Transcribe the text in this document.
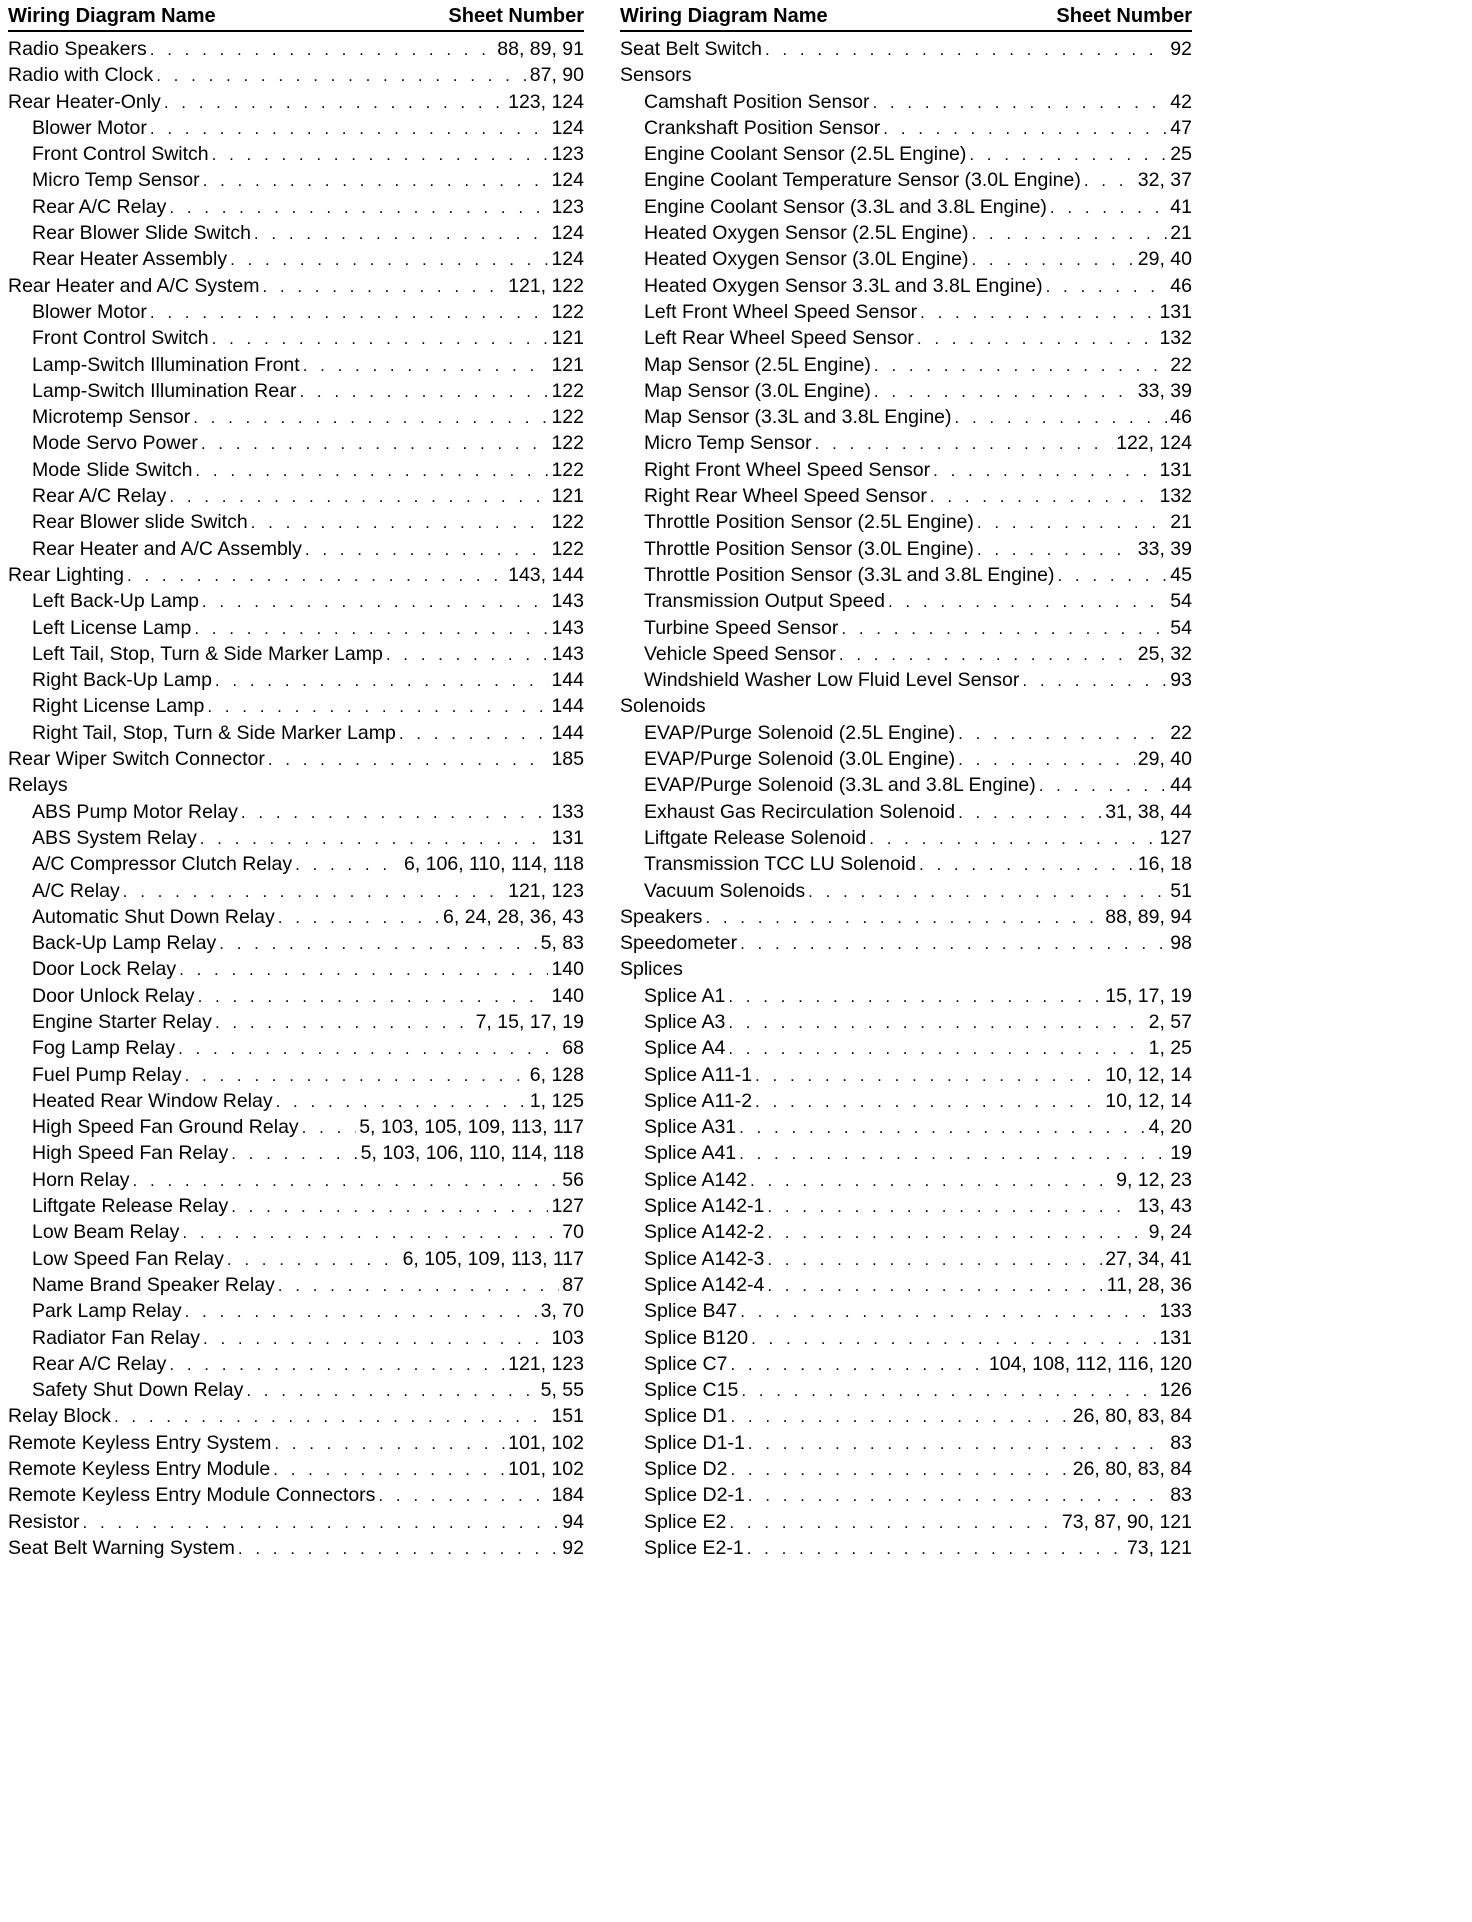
Wiring Diagram Name	Sheet Number
Radio Speakers . . .	88, 89, 91
Radio with Clock . . .	87, 90
Rear Heater-Only . . .	123, 124
Blower Motor . . .	124
Front Control Switch . . .	123
Micro Temp Sensor . . .	124
Rear A/C Relay . . .	123
Rear Blower Slide Switch . . .	124
Rear Heater Assembly . . .	124
Rear Heater and A/C System . . .	121, 122
Blower Motor . . .	122
Front Control Switch . . .	121
Lamp-Switch Illumination Front . . .	121
Lamp-Switch Illumination Rear . . .	122
Microtemp Sensor . . .	122
Mode Servo Power . . .	122
Mode Slide Switch . . .	122
Rear A/C Relay . . .	121
Rear Blower slide Switch . . .	122
Rear Heater and A/C Assembly . . .	122
Rear Lighting . . .	143, 144
Left Back-Up Lamp . . .	143
Left License Lamp . . .	143
Left Tail, Stop, Turn & Side Marker Lamp . . .	143
Right Back-Up Lamp . . .	144
Right License Lamp . . .	144
Right Tail, Stop, Turn & Side Marker Lamp . . .	144
Rear Wiper Switch Connector . . .	185
Relays
ABS Pump Motor Relay . . .	133
ABS System Relay . . .	131
A/C Compressor Clutch Relay . . .	6, 106, 110, 114, 118
A/C Relay . . .	121, 123
Automatic Shut Down Relay . . .	6, 24, 28, 36, 43
Back-Up Lamp Relay . . .	5, 83
Door Lock Relay . . .	140
Door Unlock Relay . . .	140
Engine Starter Relay . . .	7, 15, 17, 19
Fog Lamp Relay . . .	68
Fuel Pump Relay . . .	6, 128
Heated Rear Window Relay . . .	1, 125
High Speed Fan Ground Relay . . .	5, 103, 105, 109, 113, 117
High Speed Fan Relay . . .	5, 103, 106, 110, 114, 118
Horn Relay . . .	56
Liftgate Release Relay . . .	127
Low Beam Relay . . .	70
Low Speed Fan Relay . . .	6, 105, 109, 113, 117
Name Brand Speaker Relay . . .	87
Park Lamp Relay . . .	3, 70
Radiator Fan Relay . . .	103
Rear A/C Relay . . .	121, 123
Safety Shut Down Relay . . .	5, 55
Relay Block . . .	151
Remote Keyless Entry System . . .	101, 102
Remote Keyless Entry Module . . .	101, 102
Remote Keyless Entry Module Connectors . . .	184
Resistor . . .	94
Seat Belt Warning System . . .	92
Wiring Diagram Name	Sheet Number
Seat Belt Switch . . .	92
Sensors
Camshaft Position Sensor . . .	42
Crankshaft Position Sensor . . .	47
Engine Coolant Sensor (2.5L Engine) . . .	25
Engine Coolant Temperature Sensor (3.0L Engine) . . .	32, 37
Engine Coolant Sensor (3.3L and 3.8L Engine) . . .	41
Heated Oxygen Sensor (2.5L Engine) . . .	21
Heated Oxygen Sensor (3.0L Engine) . . .	29, 40
Heated Oxygen Sensor 3.3L and 3.8L Engine) . . .	46
Left Front Wheel Speed Sensor . . .	131
Left Rear Wheel Speed Sensor . . .	132
Map Sensor (2.5L Engine) . . .	22
Map Sensor (3.0L Engine) . . .	33, 39
Map Sensor (3.3L and 3.8L Engine) . . .	46
Micro Temp Sensor . . .	122, 124
Right Front Wheel Speed Sensor . . .	131
Right Rear Wheel Speed Sensor . . .	132
Throttle Position Sensor (2.5L Engine) . . .	21
Throttle Position Sensor (3.0L Engine) . . .	33, 39
Throttle Position Sensor (3.3L and 3.8L Engine) . . .	45
Transmission Output Speed . . .	54
Turbine Speed Sensor . . .	54
Vehicle Speed Sensor . . .	25, 32
Windshield Washer Low Fluid Level Sensor . . .	93
Solenoids
EVAP/Purge Solenoid (2.5L Engine) . . .	22
EVAP/Purge Solenoid (3.0L Engine) . . .	29, 40
EVAP/Purge Solenoid (3.3L and 3.8L Engine) . . .	44
Exhaust Gas Recirculation Solenoid . . .	31, 38, 44
Liftgate Release Solenoid . . .	127
Transmission TCC LU Solenoid . . .	16, 18
Vacuum Solenoids . . .	51
Speakers . . .	88, 89, 94
Speedometer . . .	98
Splices
Splice A1 . . .	15, 17, 19
Splice A3 . . .	2, 57
Splice A4 . . .	1, 25
Splice A11-1 . . .	10, 12, 14
Splice A11-2 . . .	10, 12, 14
Splice A31 . . .	4, 20
Splice A41 . . .	19
Splice A142 . . .	9, 12, 23
Splice A142-1 . . .	13, 43
Splice A142-2 . . .	9, 24
Splice A142-3 . . .	27, 34, 41
Splice A142-4 . . .	11, 28, 36
Splice B47 . . .	133
Splice B120 . . .	131
Splice C7 . . .	104, 108, 112, 116, 120
Splice C15 . . .	126
Splice D1 . . .	26, 80, 83, 84
Splice D1-1 . . .	83
Splice D2 . . .	26, 80, 83, 84
Splice D2-1 . . .	83
Splice E2 . . .	73, 87, 90, 121
Splice E2-1 . . .	73, 121
